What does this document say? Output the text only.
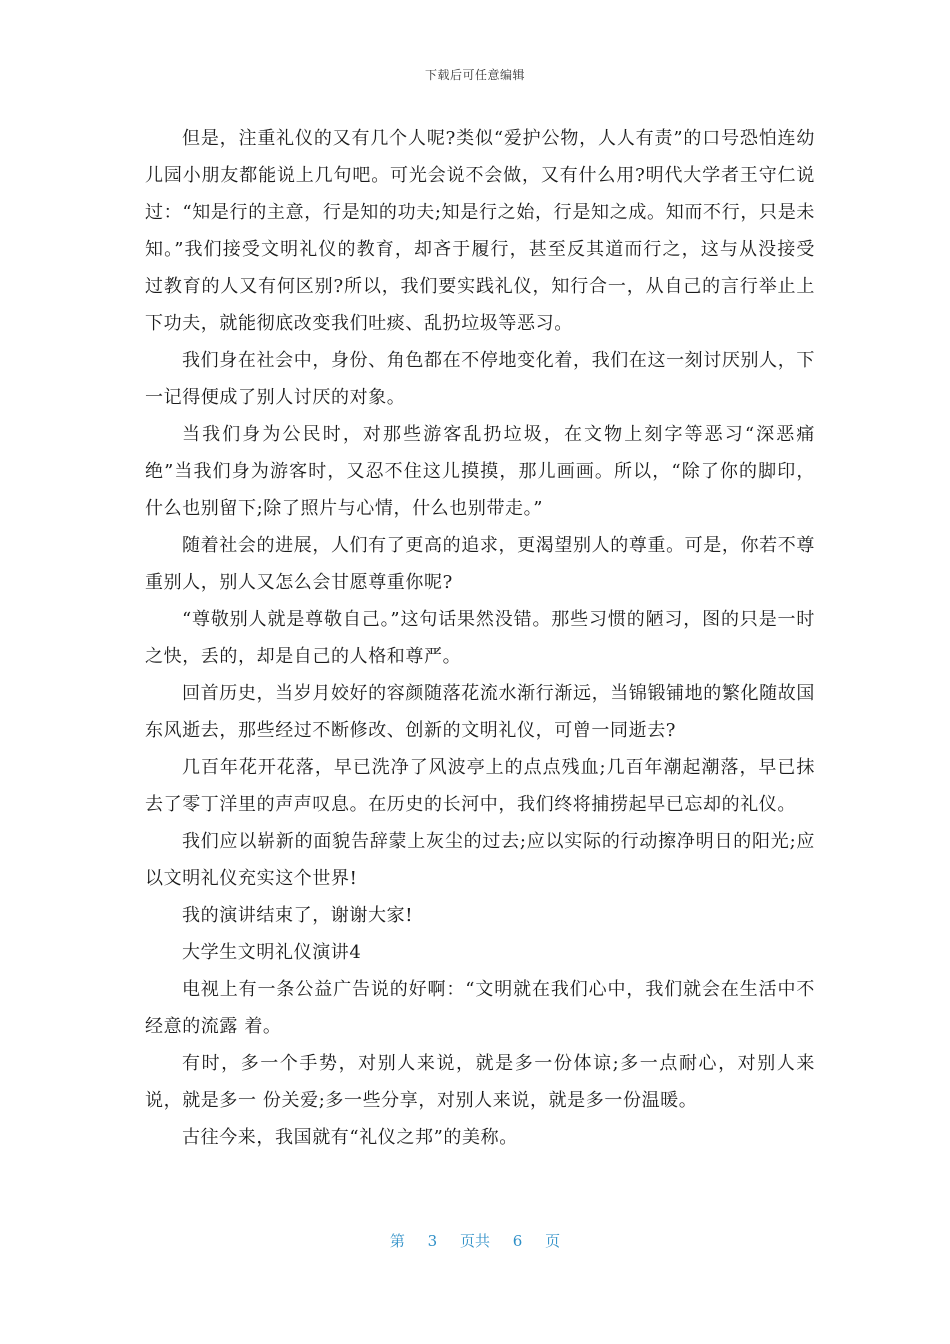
下载后可任意编辑

但是，注重礼仪的又有几个人呢?类似“爱护公物，人人有责”的口号恐怕连幼儿园小朋友都能说上几句吧。可光会说不会做，又有什么用?明代大学者王守仁说过：“知是行的主意，行是知的功夫;知是行之始，行是知之成。知而不行，只是未知。”我们接受文明礼仪的教育，却吝于履行，甚至反其道而行之，这与从没接受过教育的人又有何区别?所以，我们要实践礼仪，知行合一，从自己的言行举止上下功夫，就能彻底改变我们吐痰、乱扔垃圾等恶习。

我们身在社会中，身份、角色都在不停地变化着，我们在这一刻讨厌别人，下一记得便成了别人讨厌的对象。

当我们身为公民时，对那些游客乱扔垃圾，在文物上刻字等恶习“深恶痛绝”当我们身为游客时，又忍不住这儿摸摸，那儿画画。所以，“除了你的脚印，什么也别留下;除了照片与心情，什么也别带走。”

随着社会的进展，人们有了更高的追求，更渴望别人的尊重。可是，你若不尊重别人，别人又怎么会甘愿尊重你呢?

“尊敬别人就是尊敬自己。”这句话果然没错。那些习惯的陋习，图的只是一时之快，丢的，却是自己的人格和尊严。

回首历史，当岁月姣好的容颜随落花流水渐行渐远，当锦锻铺地的繁化随故国东风逝去，那些经过不断修改、创新的文明礼仪，可曾一同逝去?

几百年花开花落，早已洗净了风波亭上的点点残血;几百年潮起潮落，早已抹去了零丁洋里的声声叹息。在历史的长河中，我们终将捕捞起早已忘却的礼仪。

我们应以崭新的面貌告辞蒙上灰尘的过去;应以实际的行动擦净明日的阳光;应以文明礼仪充实这个世界!

我的演讲结束了，谢谢大家!

大学生文明礼仪演讲4

电视上有一条公益广告说的好啊：“文明就在我们心中，我们就会在生活中不经意的流露 着。

有时，多一个手势，对别人来说，就是多一份体谅;多一点耐心，对别人来说，就是多一 份关爱;多一些分享，对别人来说，就是多一份温暖。

古往今来，我国就有“礼仪之邦”的美称。

第 3 页共 6 页
